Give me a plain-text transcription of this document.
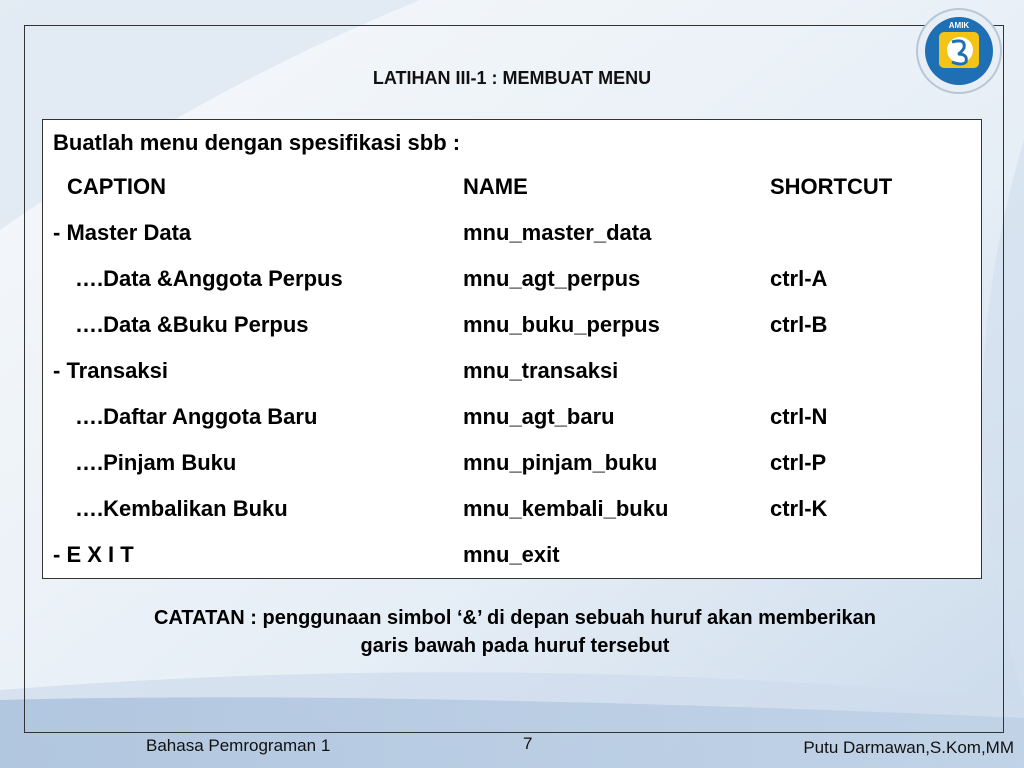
LATIHAN III-1 : MEMBUAT MENU
AMIK
Buatlah menu dengan spesifikasi sbb :
CAPTION	NAME	SHORTCUT
- Master Data	mnu_master_data
….Data &Anggota Perpus	mnu_agt_perpus	ctrl-A
….Data &Buku Perpus	mnu_buku_perpus	ctrl-B
- Transaksi	mnu_transaksi
….Daftar Anggota Baru	mnu_agt_baru	ctrl-N
….Pinjam Buku	mnu_pinjam_buku	ctrl-P
….Kembalikan Buku	mnu_kembali_buku	ctrl-K
- E X I T	mnu_exit
CATATAN : penggunaan simbol ‘&’ di depan sebuah huruf akan memberikan
garis bawah pada huruf tersebut
Bahasa Pemrograman 1	7	Putu Darmawan,S.Kom,MM
